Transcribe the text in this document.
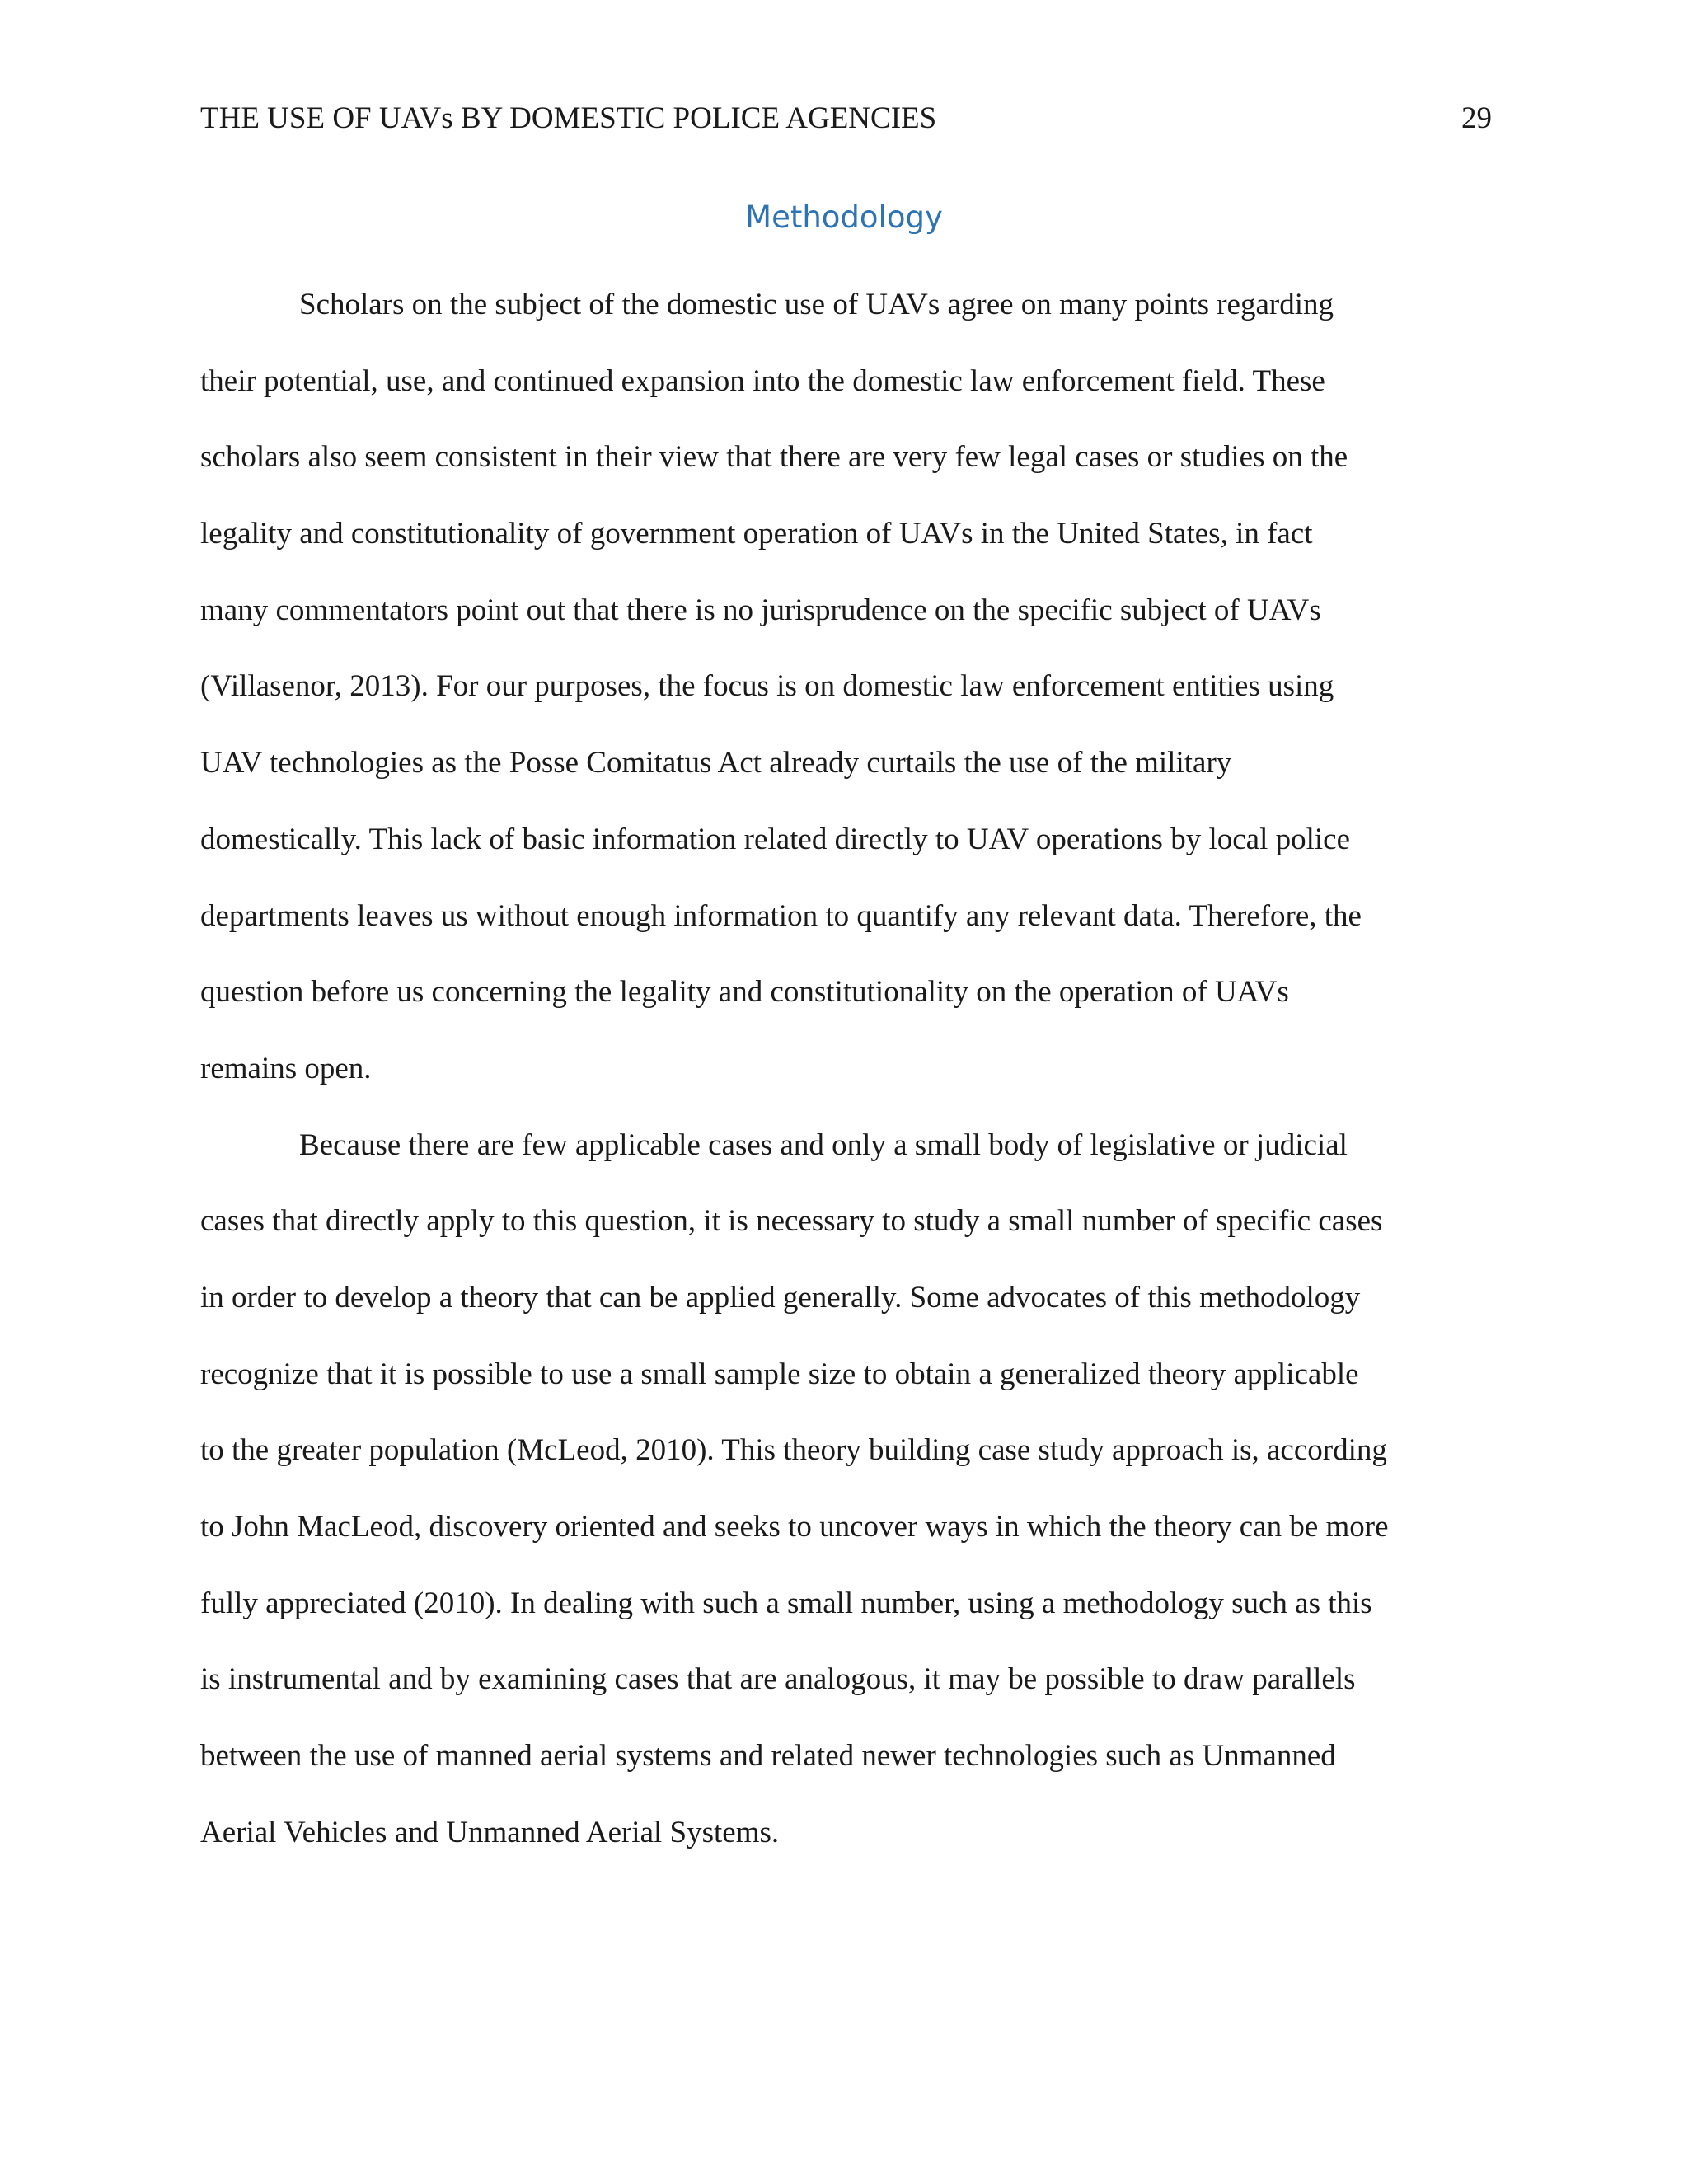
THE USE OF UAVs BY DOMESTIC POLICE AGENCIES	29
Methodology
Scholars on the subject of the domestic use of UAVs agree on many points regarding
their potential, use, and continued expansion into the domestic law enforcement field. These
scholars also seem consistent in their view that there are very few legal cases or studies on the
legality and constitutionality of government operation of UAVs in the United States, in fact
many commentators point out that there is no jurisprudence on the specific subject of UAVs
(Villasenor, 2013). For our purposes, the focus is on domestic law enforcement entities using
UAV technologies as the Posse Comitatus Act already curtails the use of the military
domestically. This lack of basic information related directly to UAV operations by local police
departments leaves us without enough information to quantify any relevant data. Therefore, the
question before us concerning the legality and constitutionality on the operation of UAVs
remains open.
Because there are few applicable cases and only a small body of legislative or judicial
cases that directly apply to this question, it is necessary to study a small number of specific cases
in order to develop a theory that can be applied generally. Some advocates of this methodology
recognize that it is possible to use a small sample size to obtain a generalized theory applicable
to the greater population (McLeod, 2010). This theory building case study approach is, according
to John MacLeod, discovery oriented and seeks to uncover ways in which the theory can be more
fully appreciated (2010). In dealing with such a small number, using a methodology such as this
is instrumental and by examining cases that are analogous, it may be possible to draw parallels
between the use of manned aerial systems and related newer technologies such as Unmanned
Aerial Vehicles and Unmanned Aerial Systems.
